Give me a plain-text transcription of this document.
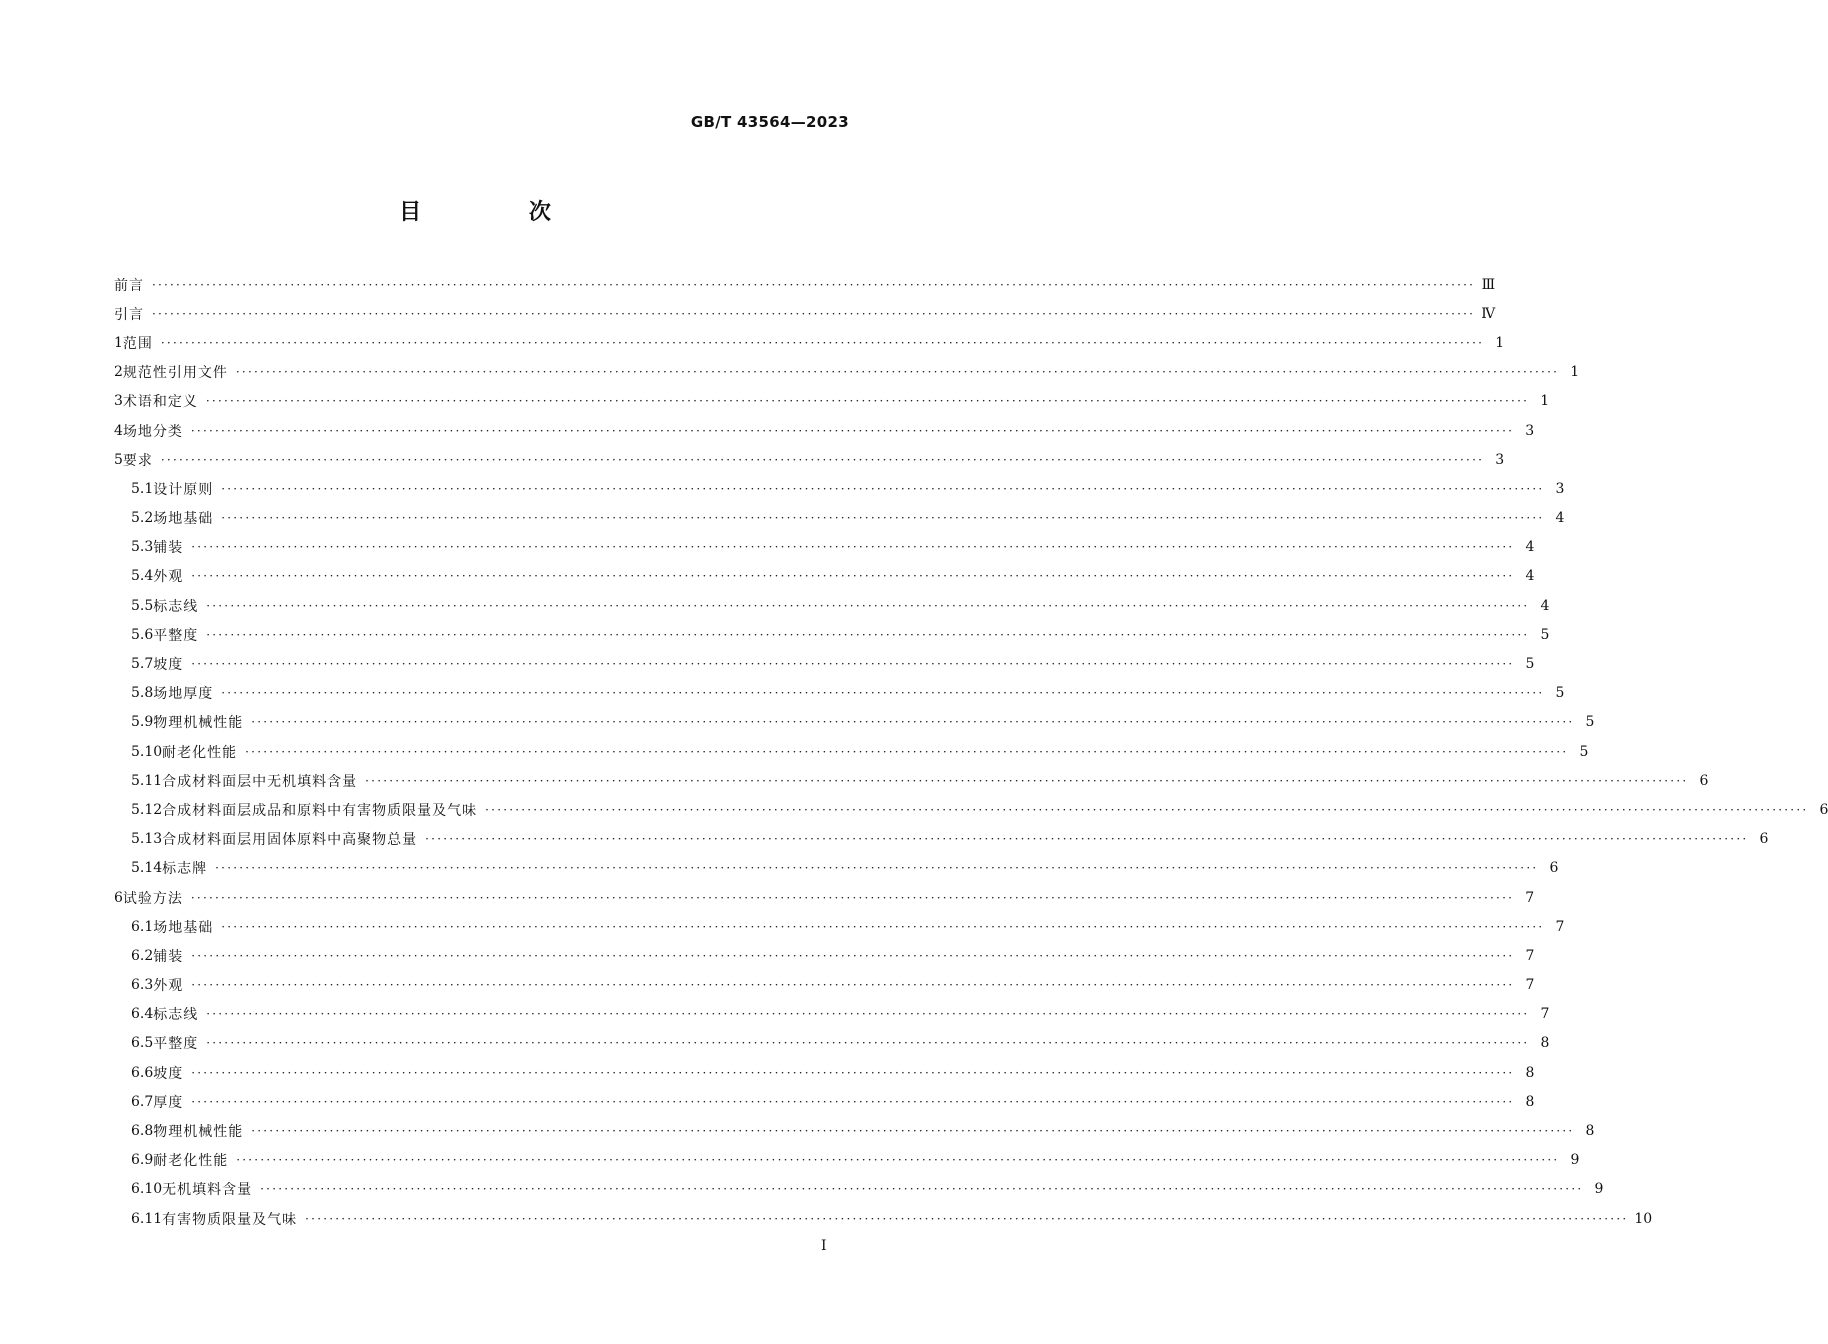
GB/T 43564—2023
目 次
前言 ···························································································································································································································· Ⅲ
引言 ···························································································································································································································· Ⅳ
1 范围 ···························································································································································································································· 1
2 规范性引用文件 ···························································································································································································································· 1
3 术语和定义 ···························································································································································································································· 1
4 场地分类 ···························································································································································································································· 3
5 要求 ···························································································································································································································· 3
5.1 设计原则 ···························································································································································································································· 3
5.2 场地基础 ···························································································································································································································· 4
5.3 铺装 ···························································································································································································································· 4
5.4 外观 ···························································································································································································································· 4
5.5 标志线 ···························································································································································································································· 4
5.6 平整度 ···························································································································································································································· 5
5.7 坡度 ···························································································································································································································· 5
5.8 场地厚度 ···························································································································································································································· 5
5.9 物理机械性能 ···························································································································································································································· 5
5.10 耐老化性能 ···························································································································································································································· 5
5.11 合成材料面层中无机填料含量 ···························································································································································································································· 6
5.12 合成材料面层成品和原料中有害物质限量及气味 ···························································································································································································································· 6
5.13 合成材料面层用固体原料中高聚物总量 ···························································································································································································································· 6
5.14 标志牌 ···························································································································································································································· 6
6 试验方法 ···························································································································································································································· 7
6.1 场地基础 ···························································································································································································································· 7
6.2 铺装 ···························································································································································································································· 7
6.3 外观 ···························································································································································································································· 7
6.4 标志线 ···························································································································································································································· 7
6.5 平整度 ···························································································································································································································· 8
6.6 坡度 ···························································································································································································································· 8
6.7 厚度 ···························································································································································································································· 8
6.8 物理机械性能 ···························································································································································································································· 8
6.9 耐老化性能 ···························································································································································································································· 9
6.10 无机填料含量 ···························································································································································································································· 9
6.11 有害物质限量及气味 ···························································································································································································································· 10
I
